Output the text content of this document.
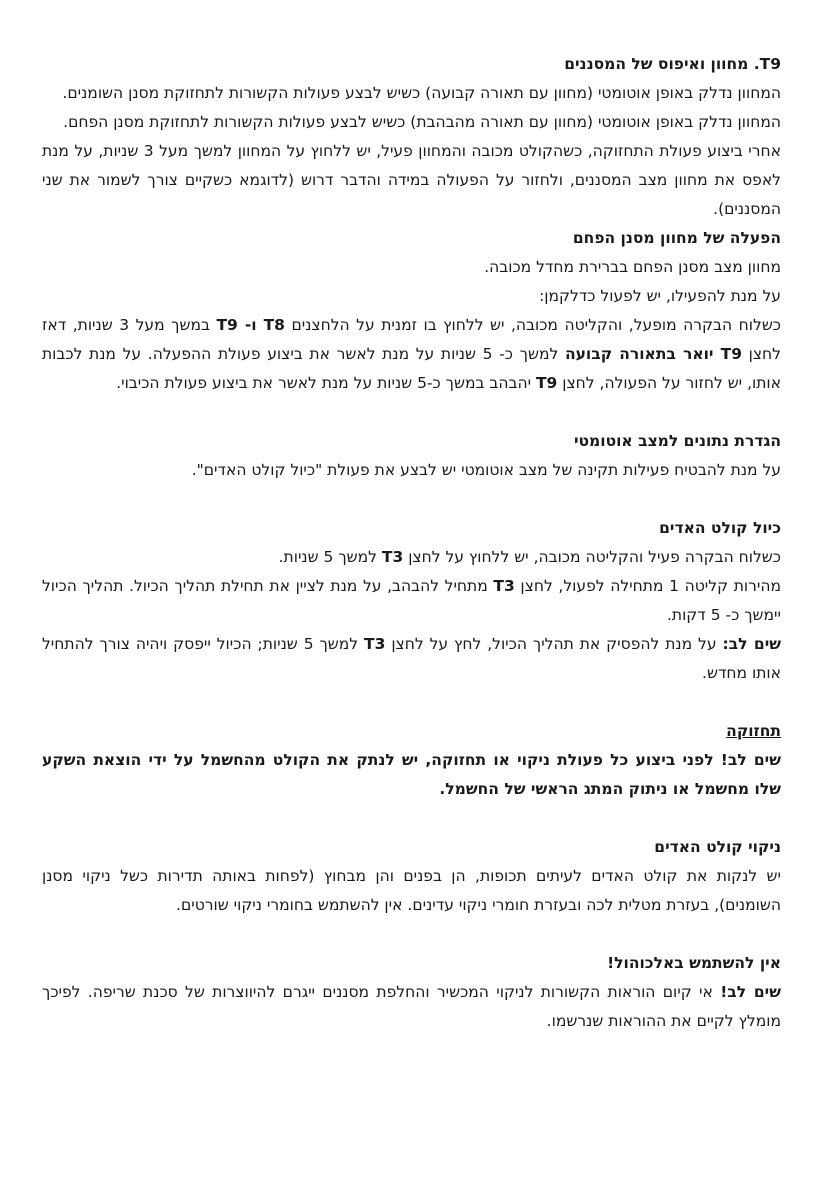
T9. מחוון ואיפוס של המסננים

המחוון נדלק באופן אוטומטי (מחוון עם תאורה קבועה) כשיש לבצע פעולות הקשורות לתחזוקת מסנן השומנים.

המחוון נדלק באופן אוטומטי (מחוון עם תאורה מהבהבת) כשיש לבצע פעולות הקשורות לתחזוקת מסנן הפחם.

אחרי ביצוע פעולת התחזוקה, כשהקולט מכובה והמחוון פעיל, יש ללחוץ על המחוון למשך מעל 3 שניות, על מנת לאפס את מחוון מצב המסננים, ולחזור על הפעולה במידה והדבר דרוש (לדוגמא כשקיים צורך לשמור את שני המסננים).

הפעלה של מחוון מסנן הפחם

מחוון מצב מסנן הפחם בברירת מחדל מכובה.

על מנת להפעילו, יש לפעול כדלקמן:

כשלוח הבקרה מופעל, והקליטה מכובה, יש ללחוץ בו זמנית על הלחצנים T8 ו- T9 במשך מעל 3 שניות, דאז לחצן T9 יואר בתאורה קבועה למשך כ- 5 שניות על מנת לאשר את ביצוע פעולת ההפעלה. על מנת לכבות אותו, יש לחזור על הפעולה, לחצן T9 יהבהב במשך כ-5 שניות על מנת לאשר את ביצוע פעולת הכיבוי.

הגדרת נתונים למצב אוטומטי

על מנת להבטיח פעילות תקינה של מצב אוטומטי יש לבצע את פעולת "כיול קולט האדים".

כיול קולט האדים

כשלוח הבקרה פעיל והקליטה מכובה, יש ללחוץ על לחצן T3 למשך 5 שניות.

מהירות קליטה 1 מתחילה לפעול, לחצן T3 מתחיל להבהב, על מנת לציין את תחילת תהליך הכיול. תהליך הכיול יימשך כ- 5 דקות.

שים לב: על מנת להפסיק את תהליך הכיול, לחץ על לחצן T3 למשך 5 שניות; הכיול ייפסק ויהיה צורך להתחיל אותו מחדש.

תחזוקה

שים לב! לפני ביצוע כל פעולת ניקוי או תחזוקה, יש לנתק את הקולט מהחשמל על ידי הוצאת השקע שלו מחשמל או ניתוק המתג הראשי של החשמל.

ניקוי קולט האדים

יש לנקות את קולט האדים לעיתים תכופות, הן בפנים והן מבחוץ (לפחות באותה תדירות כשל ניקוי מסנן השומנים), בעזרת מטלית לכה ובעזרת חומרי ניקוי עדינים. אין להשתמש בחומרי ניקוי שורטים.

אין להשתמש באלכוהול!

שים לב! אי קיום הוראות הקשורות לניקוי המכשיר והחלפת מסננים ייגרם להיווצרות של סכנת שריפה. לפיכך מומלץ לקיים את ההוראות שנרשמו.
